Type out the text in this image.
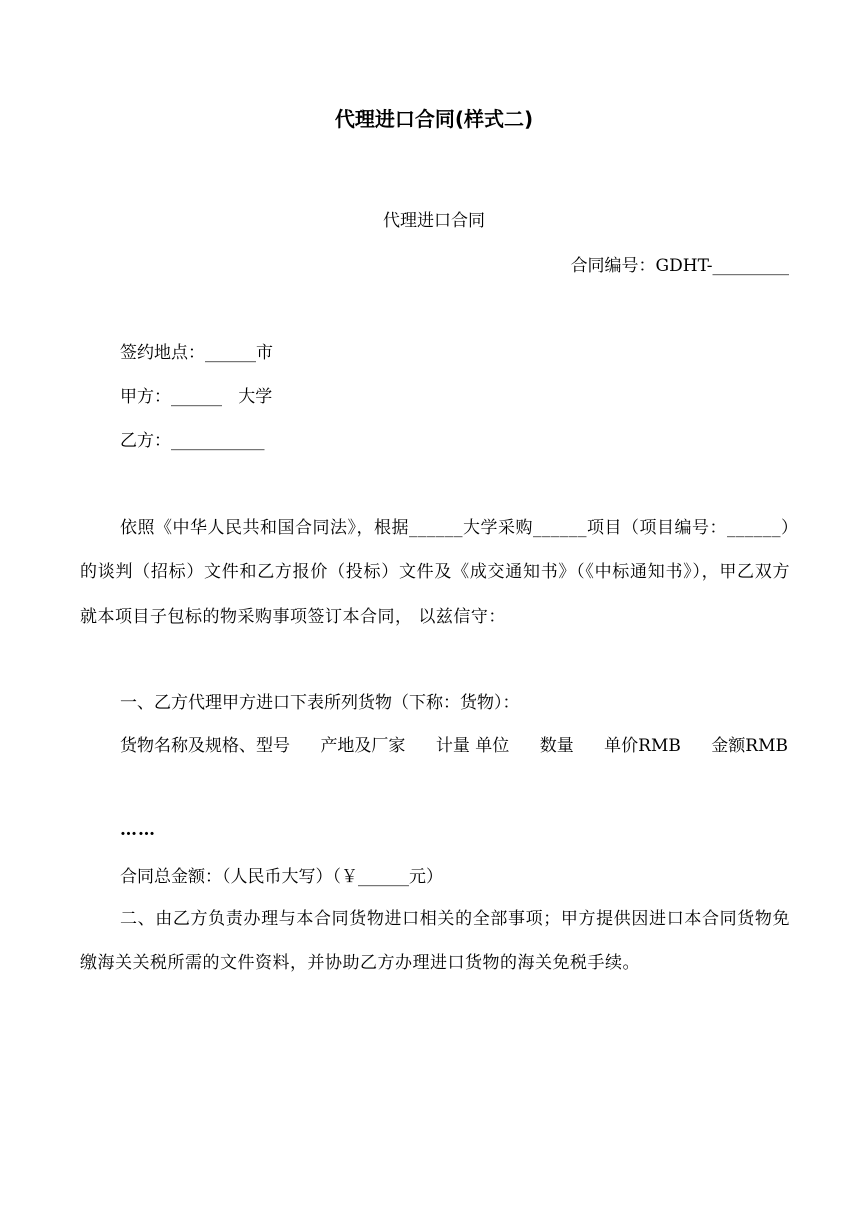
代理进口合同(样式二)
代理进口合同
合同编号：GDHT-_________
签约地点：______市
甲方：______   大学
乙方：___________
依照《中华人民共和国合同法》，根据______大学采购______项目（项目编号：______）的谈判（招标）文件和乙方报价（投标）文件及《成交通知书》（《中标通知书》），甲乙双方就本项目子包标的物采购事项签订本合同， 以兹信守：
一、乙方代理甲方进口下表所列货物（下称：货物）：
货物名称及规格、型号 产地及厂家 计量 单位 数量 单价RMB 金额RMB
……
合同总金额：（人民币大写）（￥______元）
二、由乙方负责办理与本合同货物进口相关的全部事项；甲方提供因进口本合同货物免缴海关关税所需的文件资料，并协助乙方办理进口货物的海关免税手续。
